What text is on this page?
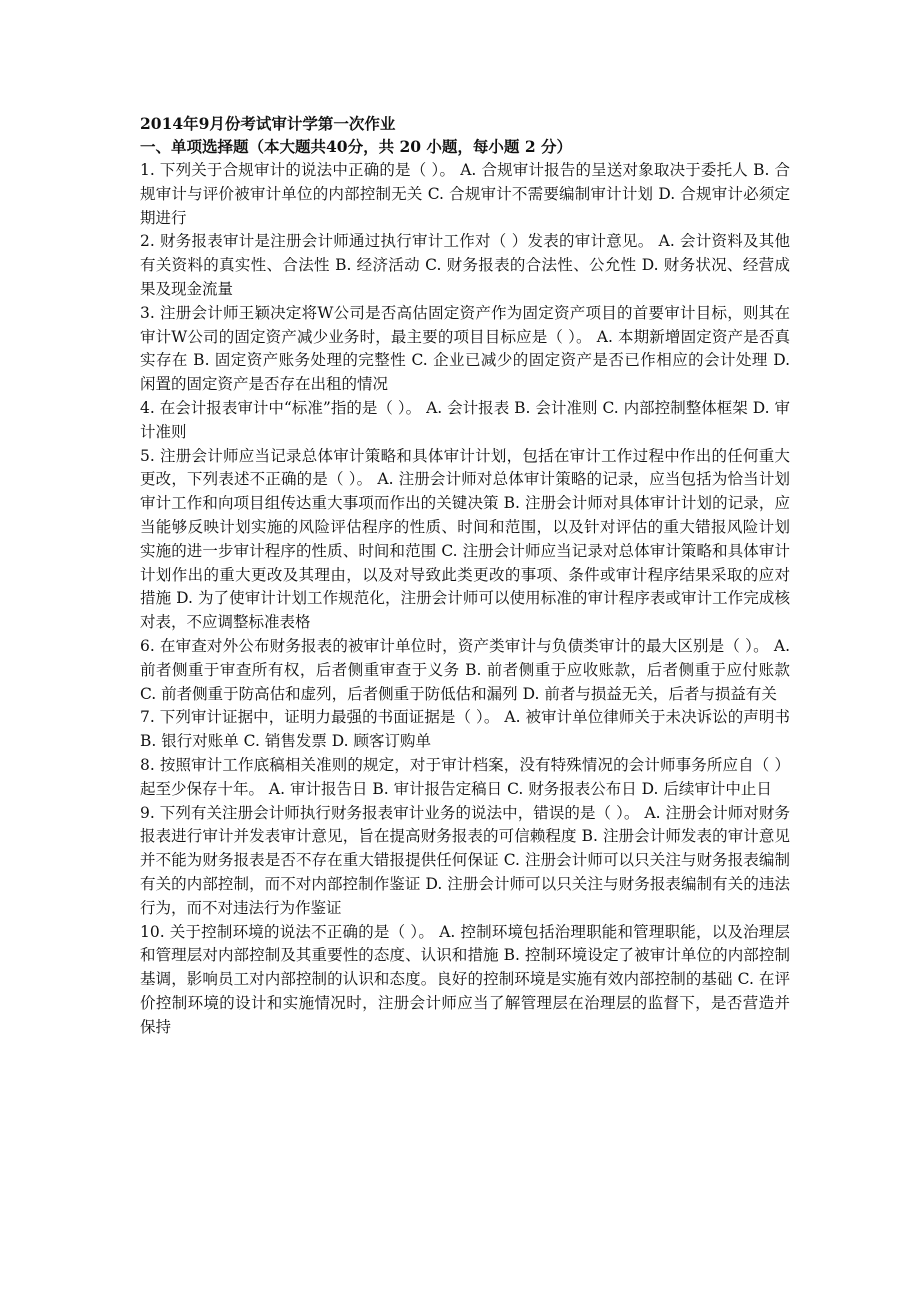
2014年9月份考试审计学第一次作业

一、单项选择题（本大题共40分，共 20 小题，每小题 2 分）

1. 下列关于合规审计的说法中正确的是（ ）。 A. 合规审计报告的呈送对象取决于委托人 B. 合规审计与评价被审计单位的内部控制无关 C. 合规审计不需要编制审计计划 D. 合规审计必须定期进行

2. 财务报表审计是注册会计师通过执行审计工作对（ ）发表的审计意见。 A. 会计资料及其他有关资料的真实性、合法性 B. 经济活动 C. 财务报表的合法性、公允性 D. 财务状况、经营成果及现金流量

3. 注册会计师王颖决定将W公司是否高估固定资产作为固定资产项目的首要审计目标，则其在审计W公司的固定资产减少业务时，最主要的项目目标应是（ ）。 A. 本期新增固定资产是否真实存在 B. 固定资产账务处理的完整性 C. 企业已减少的固定资产是否已作相应的会计处理 D. 闲置的固定资产是否存在出租的情况

4. 在会计报表审计中“标准”指的是（ ）。 A. 会计报表 B. 会计准则 C. 内部控制整体框架 D. 审计准则

5. 注册会计师应当记录总体审计策略和具体审计计划，包括在审计工作过程中作出的任何重大更改，下列表述不正确的是（ ）。 A. 注册会计师对总体审计策略的记录，应当包括为恰当计划审计工作和向项目组传达重大事项而作出的关键决策 B. 注册会计师对具体审计计划的记录，应当能够反映计划实施的风险评估程序的性质、时间和范围，以及针对评估的重大错报风险计划实施的进一步审计程序的性质、时间和范围 C. 注册会计师应当记录对总体审计策略和具体审计计划作出的重大更改及其理由，以及对导致此类更改的事项、条件或审计程序结果采取的应对措施 D. 为了使审计计划工作规范化，注册会计师可以使用标准的审计程序表或审计工作完成核对表，不应调整标准表格

6. 在审查对外公布财务报表的被审计单位时，资产类审计与负债类审计的最大区别是（ ）。 A. 前者侧重于审查所有权，后者侧重审查于义务 B. 前者侧重于应收账款，后者侧重于应付账款 C. 前者侧重于防高估和虚列，后者侧重于防低估和漏列 D. 前者与损益无关，后者与损益有关

7. 下列审计证据中，证明力最强的书面证据是（ ）。 A. 被审计单位律师关于未决诉讼的声明书 B. 银行对账单 C. 销售发票 D. 顾客订购单

8. 按照审计工作底稿相关准则的规定，对于审计档案，没有特殊情况的会计师事务所应自（ ）起至少保存十年。 A. 审计报告日 B. 审计报告定稿日 C. 财务报表公布日 D. 后续审计中止日

9. 下列有关注册会计师执行财务报表审计业务的说法中，错误的是（ ）。 A. 注册会计师对财务报表进行审计并发表审计意见，旨在提高财务报表的可信赖程度 B. 注册会计师发表的审计意见并不能为财务报表是否不存在重大错报提供任何保证 C. 注册会计师可以只关注与财务报表编制有关的内部控制，而不对内部控制作鉴证 D. 注册会计师可以只关注与财务报表编制有关的违法行为，而不对违法行为作鉴证

10. 关于控制环境的说法不正确的是（ ）。 A. 控制环境包括治理职能和管理职能，以及治理层和管理层对内部控制及其重要性的态度、认识和措施 B. 控制环境设定了被审计单位的内部控制基调，影响员工对内部控制的认识和态度。良好的控制环境是实施有效内部控制的基础 C. 在评价控制环境的设计和实施情况时，注册会计师应当了解管理层在治理层的监督下，是否营造并保持
